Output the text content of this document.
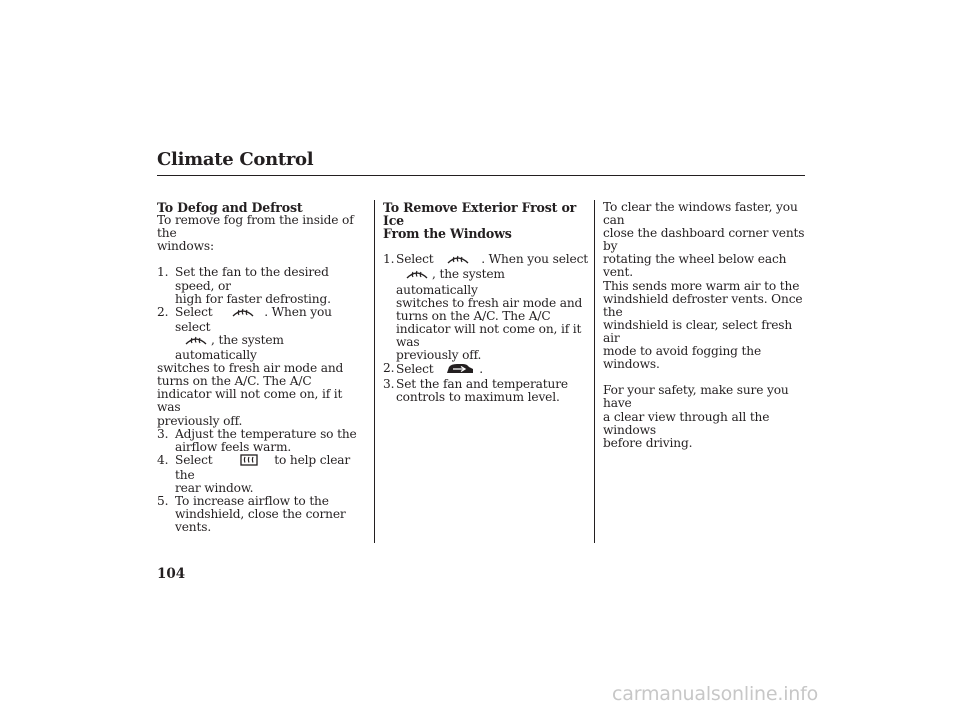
Climate Control

To Defog and Defrost

To remove fog from the inside of the
windows:

1. Set the fan to the desired speed, or
high for faster defrosting.
2. Select	. When you select
, the system automatically

switches to fresh air mode and
turns on the A/C. The A/C
indicator will not come on, if it was
previously off.

3. Adjust the temperature so the
airflow feels warm.
4. Select	to help clear the
rear window.
5. To increase airflow to the
windshield, close the corner vents.

To Remove Exterior Frost or Ice
From the Windows

1. Select	. When you select
, the system automatically
switches to fresh air mode and
turns on the A/C. The A/C
indicator will not come on, if it was
previously off.
2. Select	.
3. Set the fan and temperature
controls to maximum level.

To clear the windows faster, you can
close the dashboard corner vents by
rotating the wheel below each vent.
This sends more warm air to the
windshield defroster vents. Once the
windshield is clear, select fresh air
mode to avoid fogging the windows.

For your safety, make sure you have
a clear view through all the windows
before driving.

104

carmanualsonline.info
